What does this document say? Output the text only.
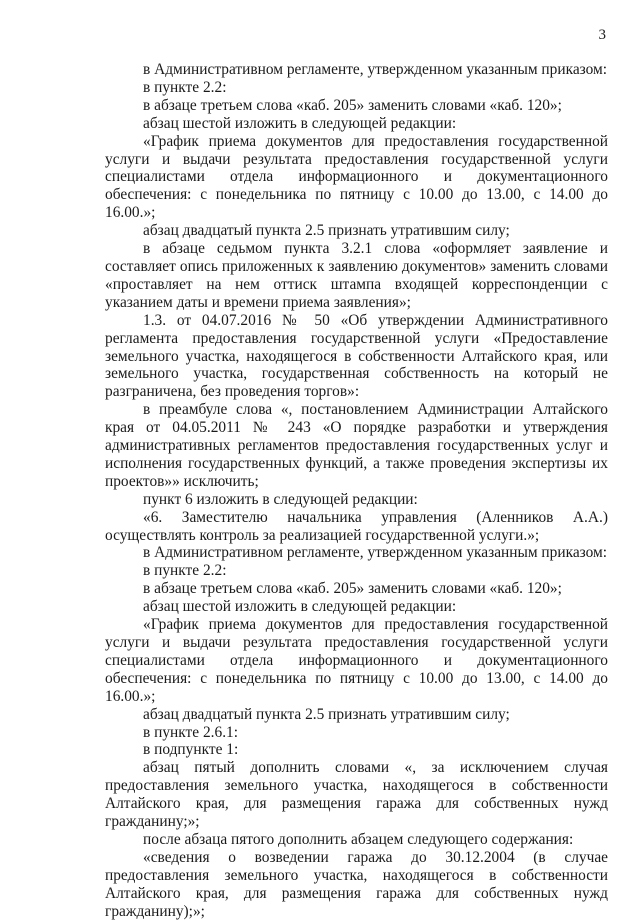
3

в Административном регламенте, утвержденном указанным приказом:

в пункте 2.2:

в абзаце третьем слова «каб. 205» заменить словами «каб. 120»;

абзац шестой изложить в следующей редакции:

«График приема документов для предоставления государственной услуги и выдачи результата предоставления государственной услуги специалистами отдела информационного и документационного обеспечения: с понедельника по пятницу с 10.00 до 13.00, с 14.00 до 16.00.»;

абзац двадцатый пункта 2.5 признать утратившим силу;

в абзаце седьмом пункта 3.2.1 слова «оформляет заявление и составляет опись приложенных к заявлению документов» заменить словами «проставляет на нем оттиск штампа входящей корреспонденции с указанием даты и времени приема заявления»;

1.3. от 04.07.2016 № 50 «Об утверждении Административного регламента предоставления государственной услуги «Предоставление земельного участка, находящегося в собственности Алтайского края, или земельного участка, государственная собственность на который не разграничена, без проведения торгов»:

в преамбуле слова «, постановлением Администрации Алтайского края от 04.05.2011 № 243 «О порядке разработки и утверждения административных регламентов предоставления государственных услуг и исполнения государственных функций, а также проведения экспертизы их проектов»» исключить;

пункт 6 изложить в следующей редакции:

«6. Заместителю начальника управления (Аленников А.А.) осуществлять контроль за реализацией государственной услуги.»;

в Административном регламенте, утвержденном указанным приказом:

в пункте 2.2:

в абзаце третьем слова «каб. 205» заменить словами «каб. 120»;

абзац шестой изложить в следующей редакции:

«График приема документов для предоставления государственной услуги и выдачи результата предоставления государственной услуги специалистами отдела информационного и документационного обеспечения: с понедельника по пятницу с 10.00 до 13.00, с 14.00 до 16.00.»;

абзац двадцатый пункта 2.5 признать утратившим силу;

в пункте 2.6.1:

в подпункте 1:

абзац пятый дополнить словами «, за исключением случая предоставления земельного участка, находящегося в собственности Алтайского края, для размещения гаража для собственных нужд гражданину;»;

после абзаца пятого дополнить абзацем следующего содержания:

«сведения о возведении гаража до 30.12.2004 (в случае предоставления земельного участка, находящегося в собственности Алтайского края, для размещения гаража для собственных нужд гражданину);»;
